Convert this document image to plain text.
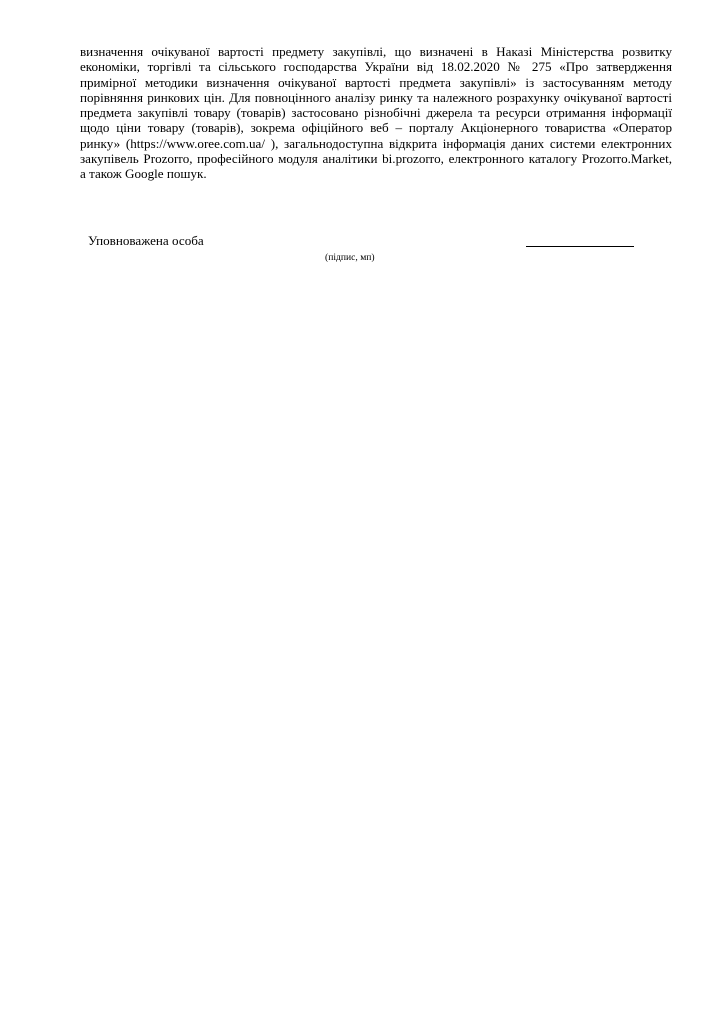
визначення очікуваної вартості предмету закупівлі, що визначені в Наказі Міністерства розвитку
економіки, торгівлі та сільського господарства України від 18.02.2020 № 275 «Про затвердження
примірної методики визначення очікуваної вартості предмета закупівлі» із застосуванням методу
порівняння ринкових цін. Для повноцінного аналізу ринку та належного розрахунку очікуваної вартості
предмета закупівлі товару (товарів) застосовано різнобічні джерела та ресурси отримання інформації
щодо ціни товару (товарів), зокрема офіційного веб – порталу Акціонерного товариства «Оператор
ринку» (https://www.oree.com.ua/ ), загальнодоступна відкрита інформація даних системи електронних
закупівель Prozorro, професійного модуля аналітики bi.prozorro, електронного каталогу Prozorro.Market,
а також Google пошук.
Уповноважена особа
(підпис, мп)
